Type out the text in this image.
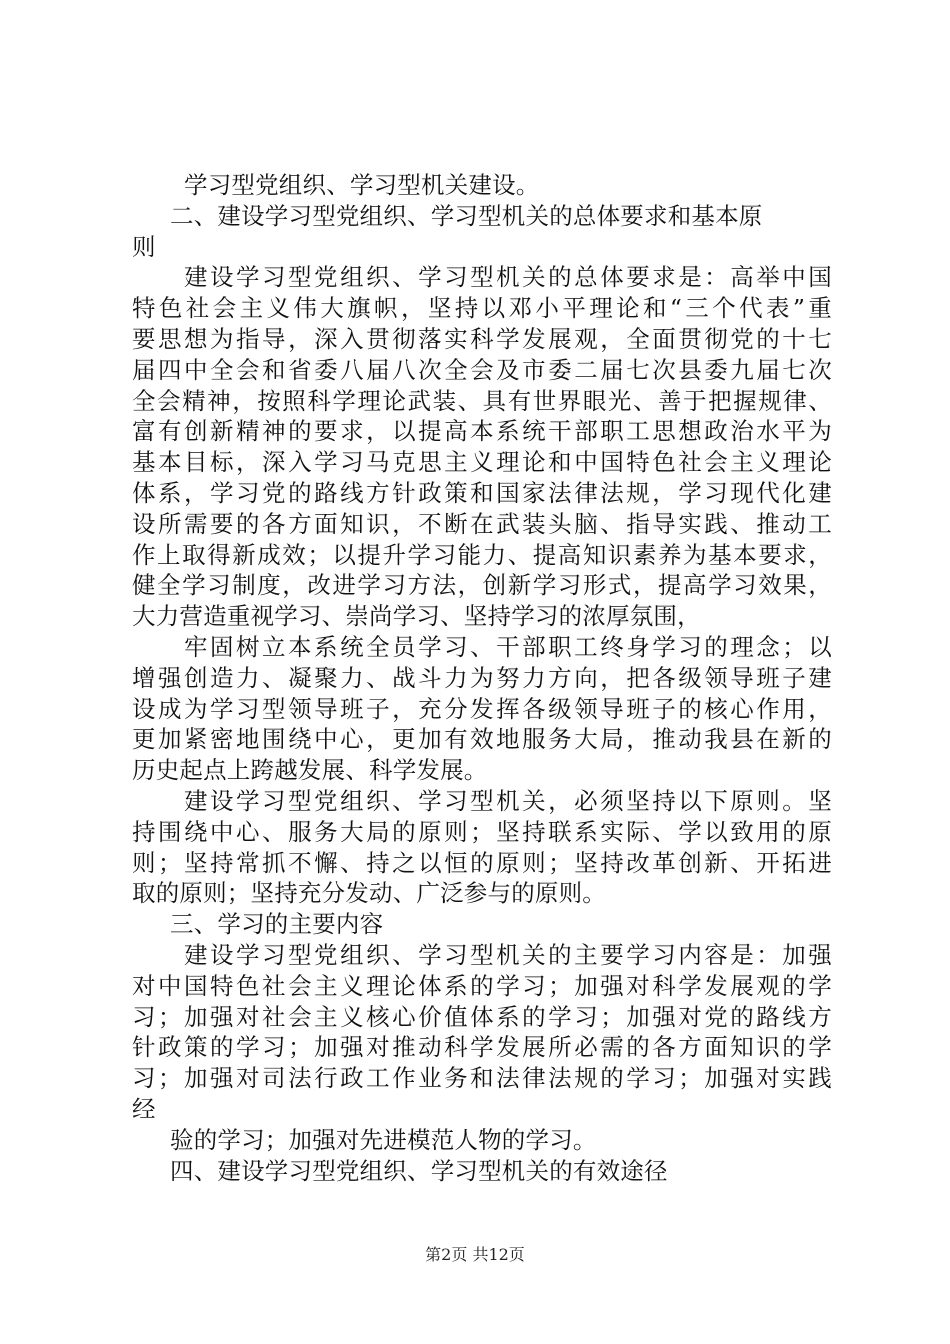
学习型党组织、学习型机关建设。
二、建设学习型党组织、学习型机关的总体要求和基本原
则
建设学习型党组织、学习型机关的总体要求是：高举中国
特色社会主义伟大旗帜，坚持以邓小平理论和“三个代表”重
要思想为指导，深入贯彻落实科学发展观，全面贯彻党的十七
届四中全会和省委八届八次全会及市委二届七次县委九届七次
全会精神，按照科学理论武装、具有世界眼光、善于把握规律、
富有创新精神的要求，以提高本系统干部职工思想政治水平为
基本目标，深入学习马克思主义理论和中国特色社会主义理论
体系，学习党的路线方针政策和国家法律法规，学习现代化建
设所需要的各方面知识，不断在武装头脑、指导实践、推动工
作上取得新成效；以提升学习能力、提高知识素养为基本要求，
健全学习制度，改进学习方法，创新学习形式，提高学习效果，
大力营造重视学习、崇尚学习、坚持学习的浓厚氛围，
牢固树立本系统全员学习、干部职工终身学习的理念；以
增强创造力、凝聚力、战斗力为努力方向，把各级领导班子建
设成为学习型领导班子，充分发挥各级领导班子的核心作用，
更加紧密地围绕中心，更加有效地服务大局，推动我县在新的
历史起点上跨越发展、科学发展。
建设学习型党组织、学习型机关，必须坚持以下原则。坚
持围绕中心、服务大局的原则；坚持联系实际、学以致用的原
则；坚持常抓不懈、持之以恒的原则；坚持改革创新、开拓进
取的原则；坚持充分发动、广泛参与的原则。
三、学习的主要内容
建设学习型党组织、学习型机关的主要学习内容是：加强
对中国特色社会主义理论体系的学习；加强对科学发展观的学
习；加强对社会主义核心价值体系的学习；加强对党的路线方
针政策的学习；加强对推动科学发展所必需的各方面知识的学
习；加强对司法行政工作业务和法律法规的学习；加强对实践
经
验的学习；加强对先进模范人物的学习。
四、建设学习型党组织、学习型机关的有效途径
第2页 共12页
